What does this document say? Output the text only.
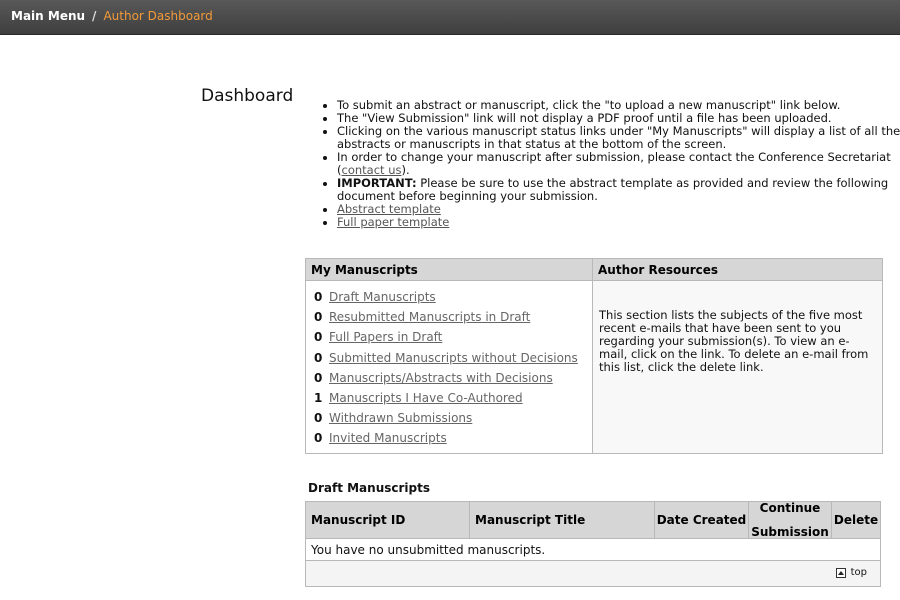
Main Menu / Author Dashboard
Dashboard
•	To submit an abstract or manuscript, click the "to upload a new manuscript" link below.
• The "View Submission" link will not display a PDF proof until a file has been uploaded.
• Clicking on the various manuscript status links under "My Manuscripts" will display a list of all the abstracts or manuscripts in that status at the bottom of the screen.
• In order to change your manuscript after submission, please contact the Conference Secretariat (contact us).
• IMPORTANT: Please be sure to use the abstract template as provided and review the following document before beginning your submission.
• Abstract template
• Full paper template
My Manuscripts	Author Resources
0 Draft Manuscripts
0 Resubmitted Manuscripts in Draft
0 Full Papers in Draft
0 Submitted Manuscripts without Decisions
0 Manuscripts/Abstracts with Decisions
1 Manuscripts I Have Co-Authored
0 Withdrawn Submissions
0 Invited Manuscripts

This section lists the subjects of the five most recent e-mails that have been sent to you regarding your submission(s). To view an e-mail, click on the link. To delete an e-mail from this list, click the delete link.

Draft Manuscripts
Manuscript ID	Manuscript Title	Date Created
Continue

Submission
Delete
You have no unsubmitted manuscripts.
top
